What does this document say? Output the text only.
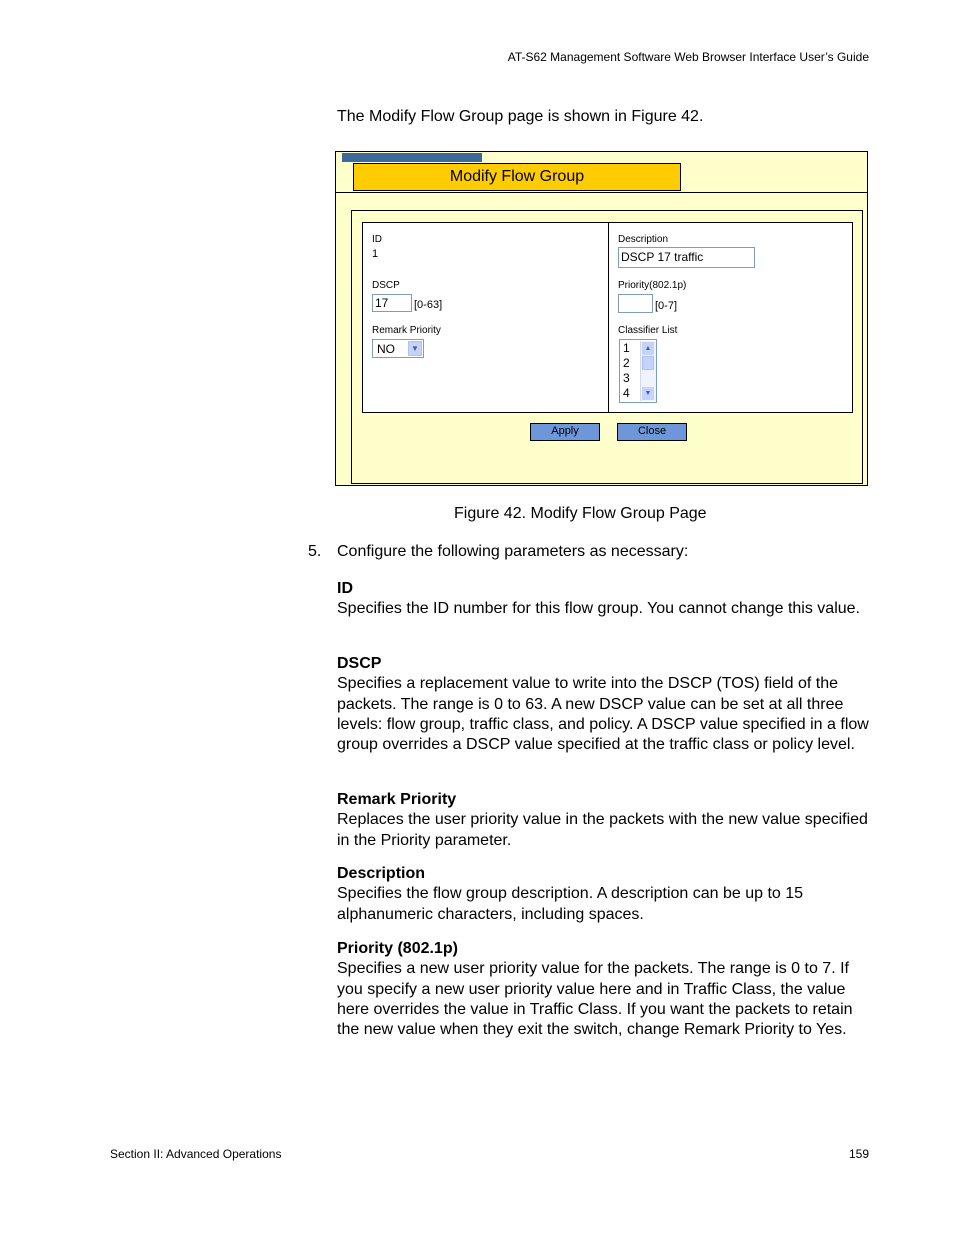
AT-S62 Management Software Web Browser Interface User’s Guide
The Modify Flow Group page is shown in Figure 42.
Modify Flow Group
ID
1
DSCP
17	[0-63]
Remark Priority
NO	▼
Description
DSCP 17 traffic
Priority(802.1p)
[0-7]
Classifier List
1
2
3
4
▲
▼
Apply	Close
Figure 42. Modify Flow Group Page
5. Configure the following parameters as necessary:
ID
Specifies the ID number for this flow group. You cannot change this value.
DSCP
Specifies a replacement value to write into the DSCP (TOS) field of the packets. The range is 0 to 63. A new DSCP value can be set at all three levels: flow group, traffic class, and policy. A DSCP value specified in a flow group overrides a DSCP value specified at the traffic class or policy level.
Remark Priority
Replaces the user priority value in the packets with the new value specified in the Priority parameter.
Description
Specifies the flow group description. A description can be up to 15 alphanumeric characters, including spaces.
Priority (802.1p)
Specifies a new user priority value for the packets. The range is 0 to 7. If you specify a new user priority value here and in Traffic Class, the value here overrides the value in Traffic Class. If you want the packets to retain the new value when they exit the switch, change Remark Priority to Yes.
Section II: Advanced Operations	159
